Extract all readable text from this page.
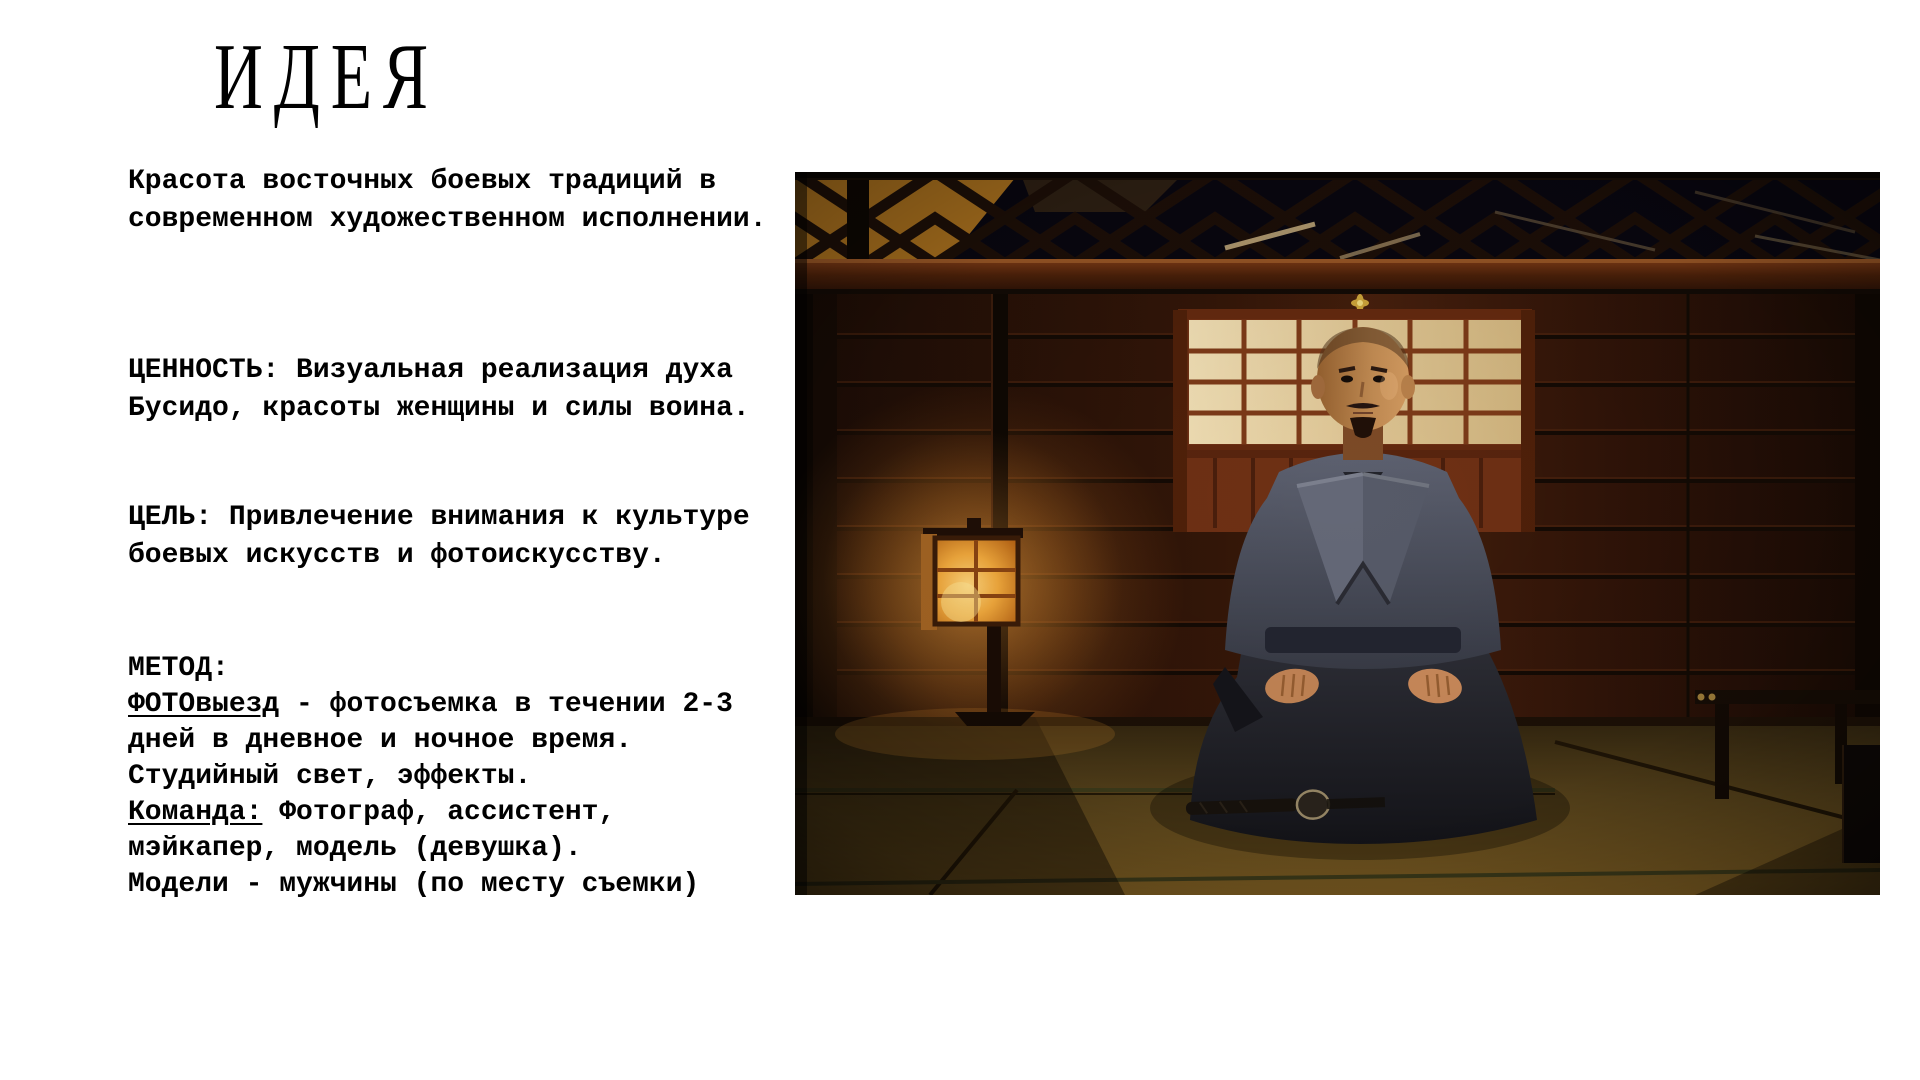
ИДЕЯ
Красота восточных боевых традиций в
современном художественном исполнении.
ЦЕННОСТЬ: Визуальная реализация духа
Бусидо, красоты женщины и силы воина.
ЦЕЛЬ: Привлечение внимания к культуре
боевых искусств и фотоискусству.
МЕТОД:
ФОТОвыезд - фотосъемка в течении 2-3
дней в дневное и ночное время.
Студийный свет, эффекты.
Команда: Фотограф, ассистент,
мэйкапер, модель (девушка).
Модели - мужчины (по месту съемки)
